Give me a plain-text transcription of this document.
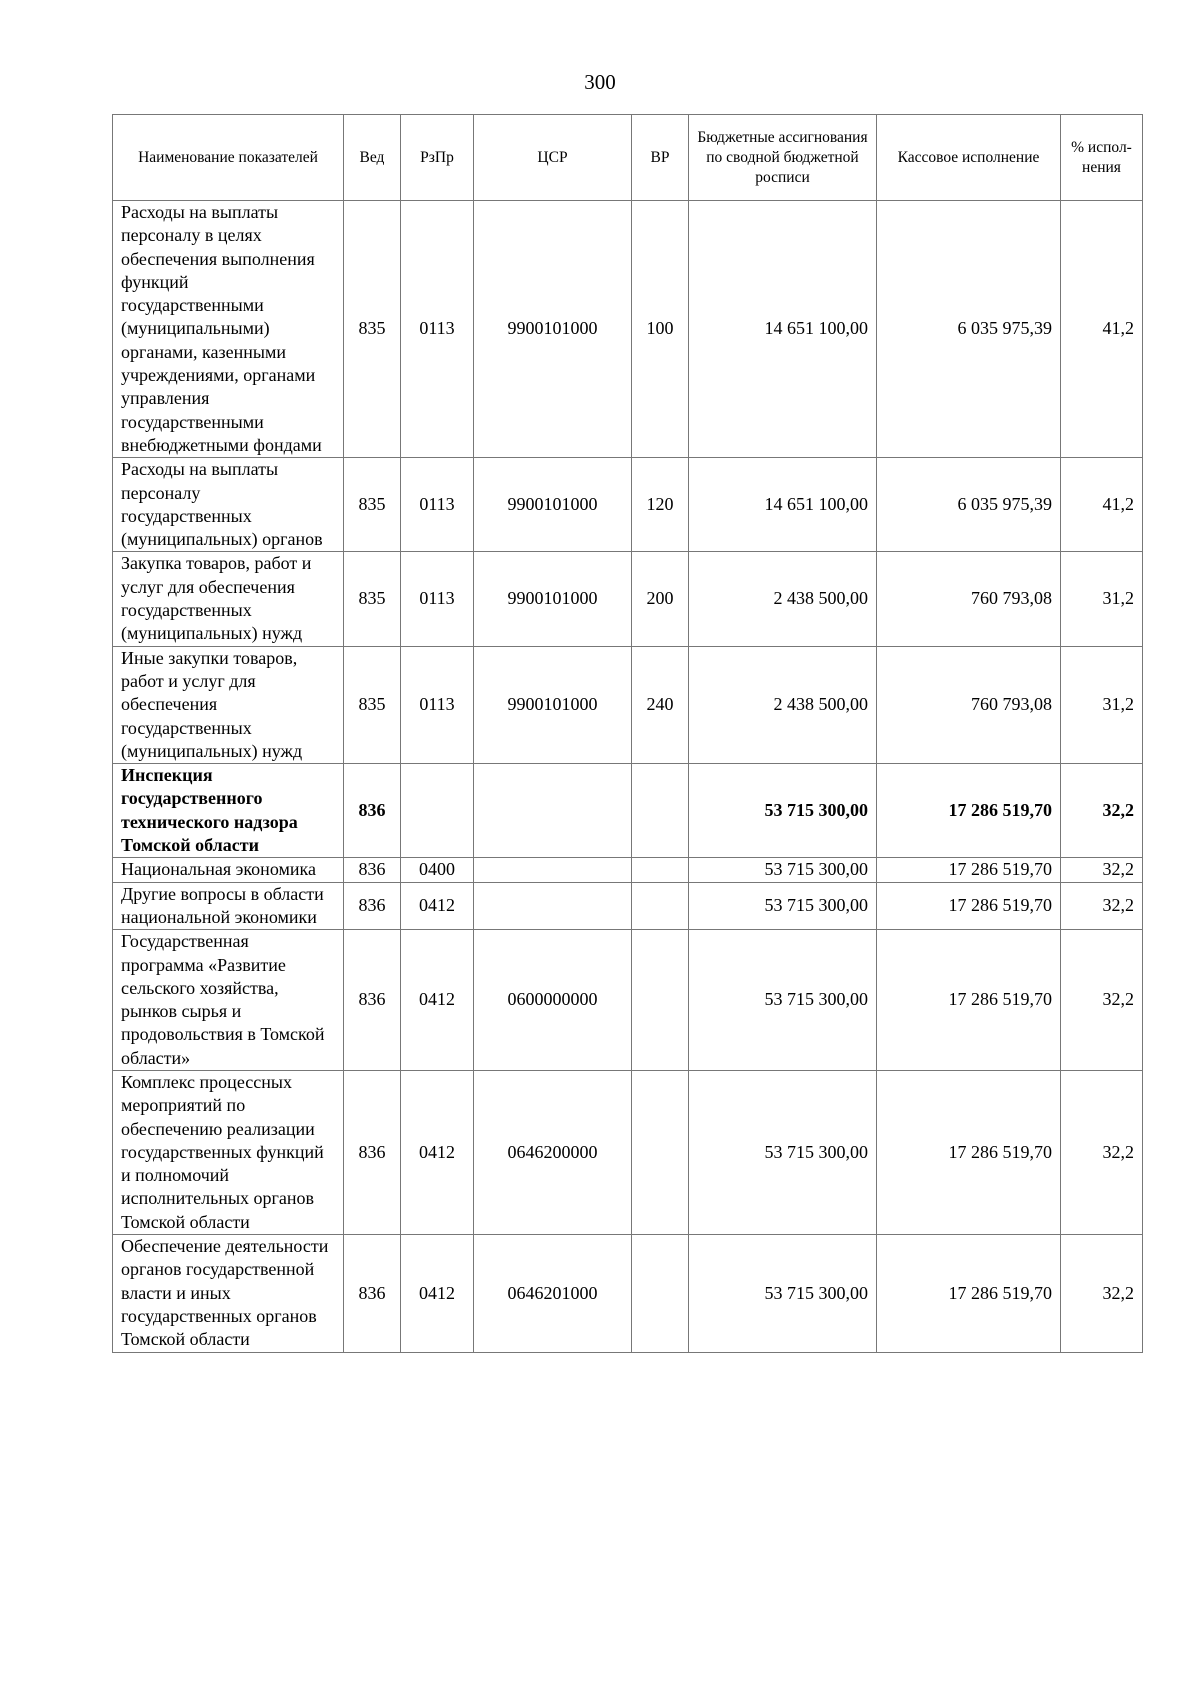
300
Наименование показателей	Вед	РзПр	ЦСР	ВР	Бюджетные ассигнования по сводной бюджетной росписи	Кассовое исполнение	% испол-нения
Расходы на выплаты персоналу в целях обеспечения выполнения функций государственными (муниципальными) органами, казенными учреждениями, органами управления государственными внебюджетными фондами	835	0113	9900101000	100	14 651 100,00	6 035 975,39	41,2
Расходы на выплаты персоналу государственных (муниципальных) органов	835	0113	9900101000	120	14 651 100,00	6 035 975,39	41,2
Закупка товаров, работ и услуг для обеспечения государственных (муниципальных) нужд	835	0113	9900101000	200	2 438 500,00	760 793,08	31,2
Иные закупки товаров, работ и услуг для обеспечения государственных (муниципальных) нужд	835	0113	9900101000	240	2 438 500,00	760 793,08	31,2
Инспекция государственного технического надзора Томской области	836				53 715 300,00	17 286 519,70	32,2
Национальная экономика	836	0400			53 715 300,00	17 286 519,70	32,2
Другие вопросы в области национальной экономики	836	0412			53 715 300,00	17 286 519,70	32,2
Государственная программа «Развитие сельского хозяйства, рынков сырья и продовольствия в Томской области»	836	0412	0600000000		53 715 300,00	17 286 519,70	32,2
Комплекс процессных мероприятий по обеспечению реализации государственных функций и полномочий исполнительных органов Томской области	836	0412	0646200000		53 715 300,00	17 286 519,70	32,2
Обеспечение деятельности органов государственной власти и иных государственных органов Томской области	836	0412	0646201000		53 715 300,00	17 286 519,70	32,2
